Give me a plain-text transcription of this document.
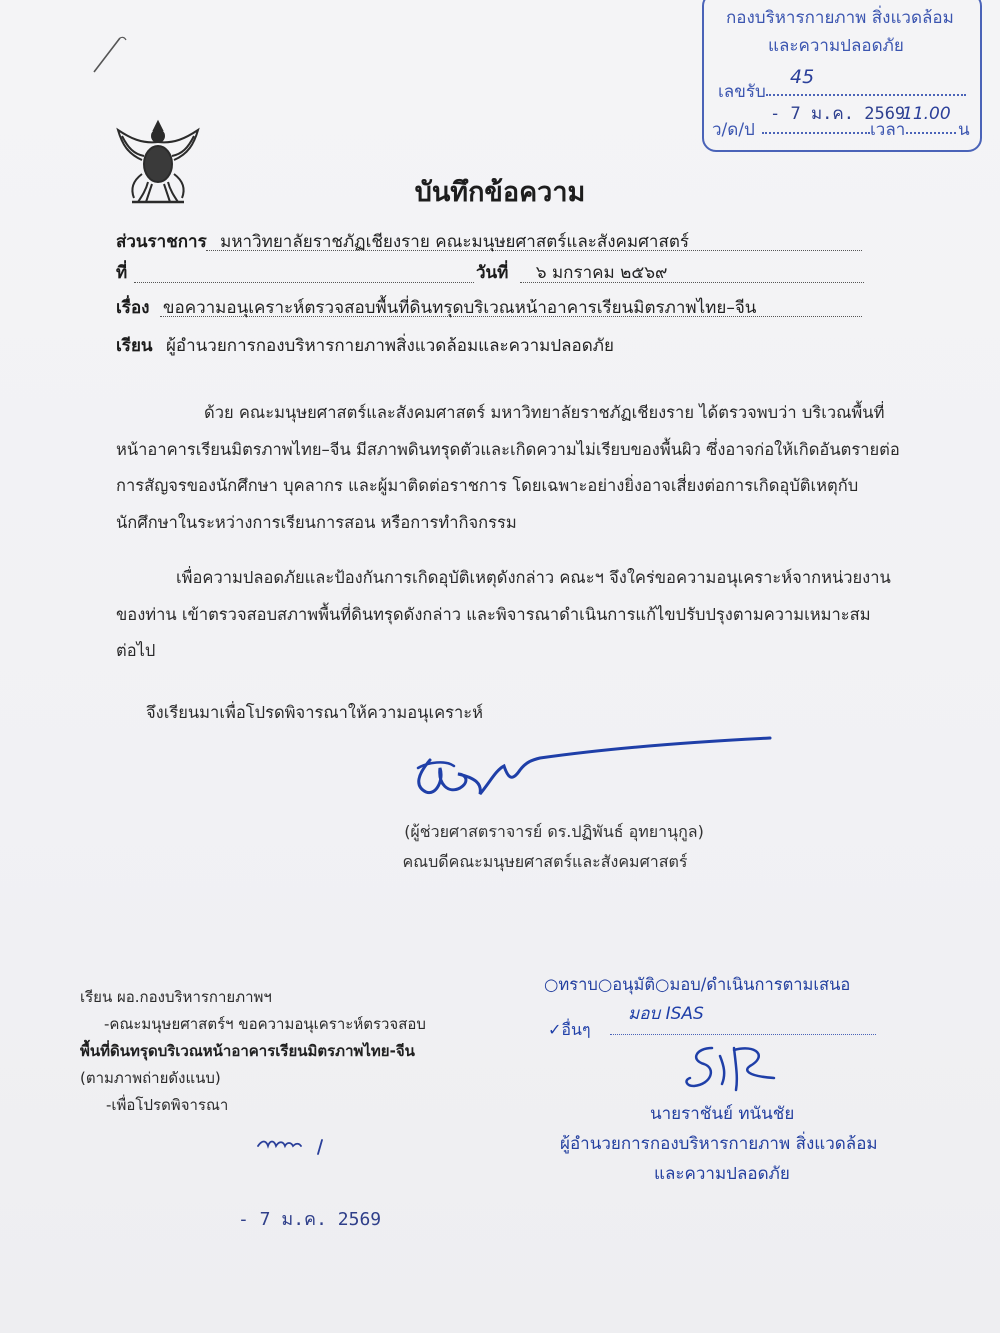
กองบริหารกายภาพ สิ่งแวดล้อม
และความปลอดภัย
เลขรับ
45
ว/ด/ป
- 7 ม.ค. 2569
เวลา
11.00
น
บันทึกข้อความ
ส่วนราชการ มหาวิทยาลัยราชภัฏเชียงราย คณะมนุษยศาสตร์และสังคมศาสตร์
ที่	วันที่ ๖ มกราคม ๒๕๖๙
เรื่อง ขอความอนุเคราะห์ตรวจสอบพื้นที่ดินทรุดบริเวณหน้าอาคารเรียนมิตรภาพไทย–จีน
เรียน ผู้อำนวยการกองบริหารกายภาพสิ่งแวดล้อมและความปลอดภัย
ด้วย คณะมนุษยศาสตร์และสังคมศาสตร์ มหาวิทยาลัยราชภัฏเชียงราย ได้ตรวจพบว่า บริเวณพื้นที่
หน้าอาคารเรียนมิตรภาพไทย–จีน มีสภาพดินทรุดตัวและเกิดความไม่เรียบของพื้นผิว ซึ่งอาจก่อให้เกิดอันตรายต่อ
การสัญจรของนักศึกษา บุคลากร และผู้มาติดต่อราชการ โดยเฉพาะอย่างยิ่งอาจเสี่ยงต่อการเกิดอุบัติเหตุกับ
นักศึกษาในระหว่างการเรียนการสอน หรือการทำกิจกรรม
เพื่อความปลอดภัยและป้องกันการเกิดอุบัติเหตุดังกล่าว คณะฯ จึงใคร่ขอความอนุเคราะห์จากหน่วยงาน
ของท่าน เข้าตรวจสอบสภาพพื้นที่ดินทรุดดังกล่าว และพิจารณาดำเนินการแก้ไขปรับปรุงตามความเหมาะสม
ต่อไป
จึงเรียนมาเพื่อโปรดพิจารณาให้ความอนุเคราะห์
(ผู้ช่วยศาสตราจารย์ ดร.ปฏิพันธ์ อุทยานุกูล)
คณบดีคณะมนุษยศาสตร์และสังคมศาสตร์
เรียน ผอ.กองบริหารกายภาพฯ
-คณะมนุษยศาสตร์ฯ ขอความอนุเคราะห์ตรวจสอบ
พื้นที่ดินทรุดบริเวณหน้าอาคารเรียนมิตรภาพไทย-จีน
(ตามภาพถ่ายดังแนบ)
-เพื่อโปรดพิจารณา
- 7 ม.ค. 2569
○ทราบ○อนุมัติ○มอบ/ดำเนินการตามเสนอ
✓อื่นๆ
มอบ ISAS
นายราชันย์ ทนันชัย
ผู้อำนวยการกองบริหารกายภาพ สิ่งแวดล้อม
และความปลอดภัย
